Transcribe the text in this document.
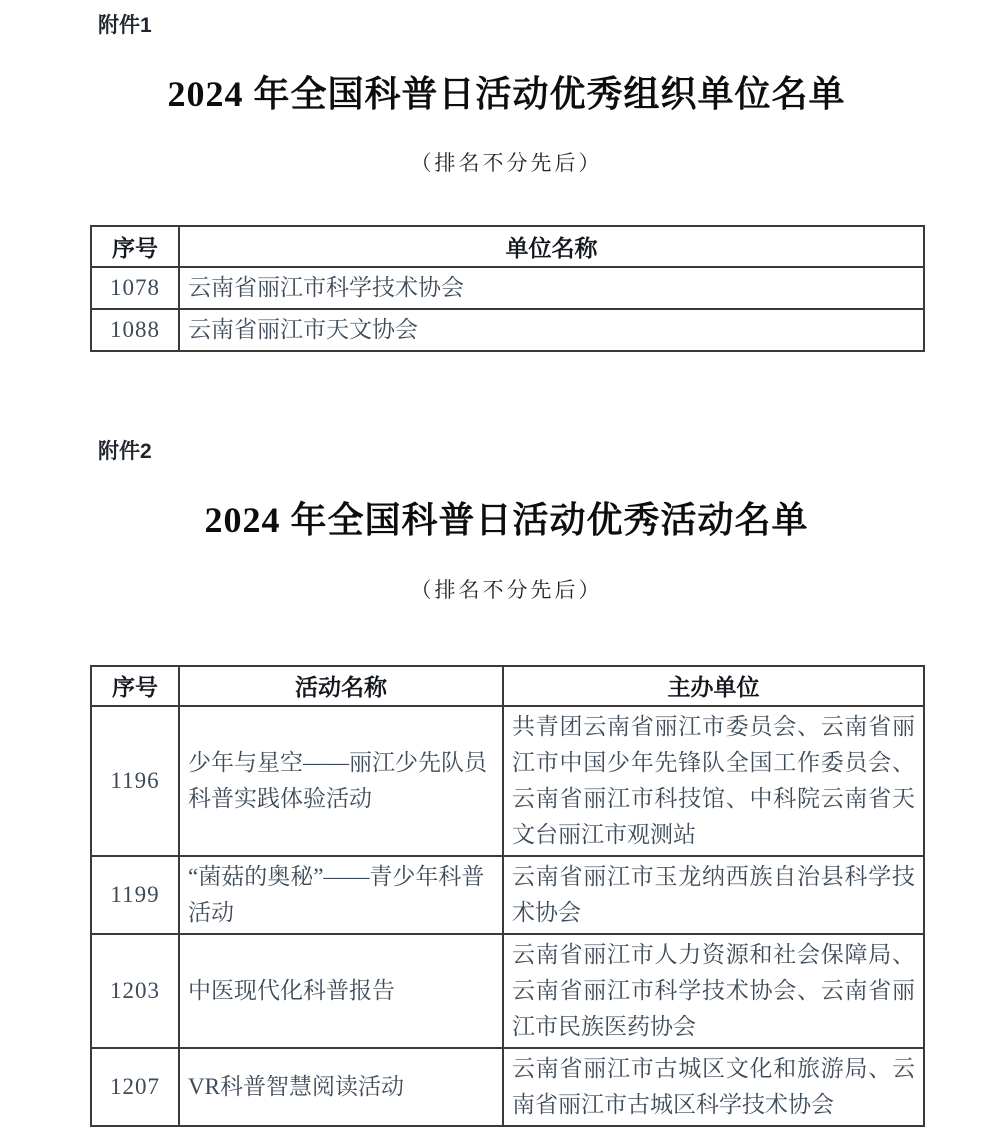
附件1
2024 年全国科普日活动优秀组织单位名单
（排名不分先后）
序号	单位名称
1078	云南省丽江市科学技术协会
1088	云南省丽江市天文协会
附件2
2024 年全国科普日活动优秀活动名单
（排名不分先后）
序号	活动名称	主办单位
1196	少年与星空——丽江少先队员科普实践体验活动	共青团云南省丽江市委员会、云南省丽江市中国少年先锋队全国工作委员会、云南省丽江市科技馆、中科院云南省天文台丽江市观测站
1199	“菌菇的奥秘”——青少年科普活动	云南省丽江市玉龙纳西族自治县科学技术协会
1203	中医现代化科普报告	云南省丽江市人力资源和社会保障局、云南省丽江市科学技术协会、云南省丽江市民族医药协会
1207	VR科普智慧阅读活动	云南省丽江市古城区文化和旅游局、云南省丽江市古城区科学技术协会
